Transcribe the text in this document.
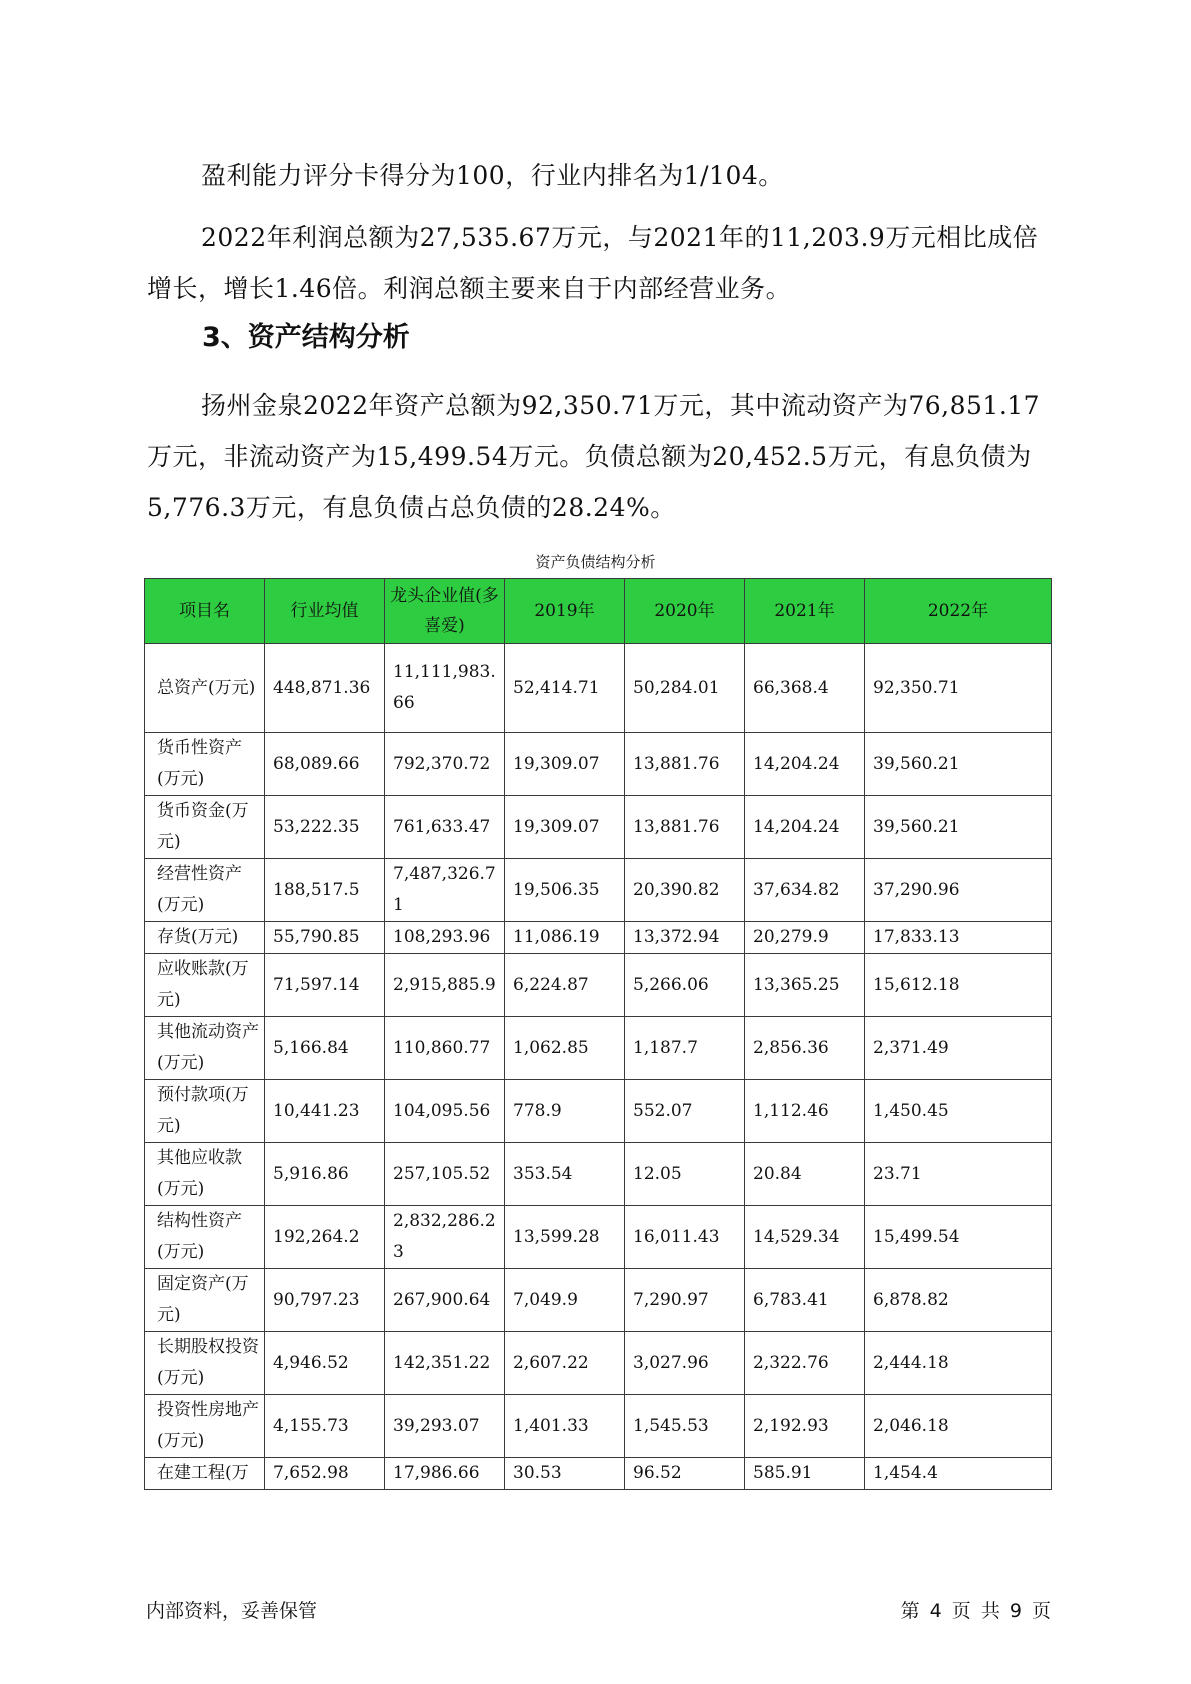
盈利能力评分卡得分为100，行业内排名为1/104。

2022年利润总额为27,535.67万元，与2021年的11,203.9万元相比成倍增长，增长1.46倍。利润总额主要来自于内部经营业务。

3、资产结构分析

扬州金泉2022年资产总额为92,350.71万元，其中流动资产为76,851.17万元，非流动资产为15,499.54万元。负债总额为20,452.5万元，有息负债为5,776.3万元，有息负债占总负债的28.24%。

资产负债结构分析

项目名	行业均值	龙头企业值(多喜爱)	2019年	2020年	2021年	2022年
总资产(万元)	448,871.36	11,111,983.66	52,414.71	50,284.01	66,368.4	92,350.71
货币性资产(万元)	68,089.66	792,370.72	19,309.07	13,881.76	14,204.24	39,560.21
货币资金(万元)	53,222.35	761,633.47	19,309.07	13,881.76	14,204.24	39,560.21
经营性资产(万元)	188,517.5	7,487,326.71	19,506.35	20,390.82	37,634.82	37,290.96
存货(万元)	55,790.85	108,293.96	11,086.19	13,372.94	20,279.9	17,833.13
应收账款(万元)	71,597.14	2,915,885.9	6,224.87	5,266.06	13,365.25	15,612.18
其他流动资产(万元)	5,166.84	110,860.77	1,062.85	1,187.7	2,856.36	2,371.49
预付款项(万元)	10,441.23	104,095.56	778.9	552.07	1,112.46	1,450.45
其他应收款(万元)	5,916.86	257,105.52	353.54	12.05	20.84	23.71
结构性资产(万元)	192,264.2	2,832,286.23	13,599.28	16,011.43	14,529.34	15,499.54
固定资产(万元)	90,797.23	267,900.64	7,049.9	7,290.97	6,783.41	6,878.82
长期股权投资(万元)	4,946.52	142,351.22	2,607.22	3,027.96	2,322.76	2,444.18
投资性房地产(万元)	4,155.73	39,293.07	1,401.33	1,545.53	2,192.93	2,046.18
在建工程(万	7,652.98	17,986.66	30.53	96.52	585.91	1,454.4

内部资料，妥善保管	第 4 页 共 9 页
